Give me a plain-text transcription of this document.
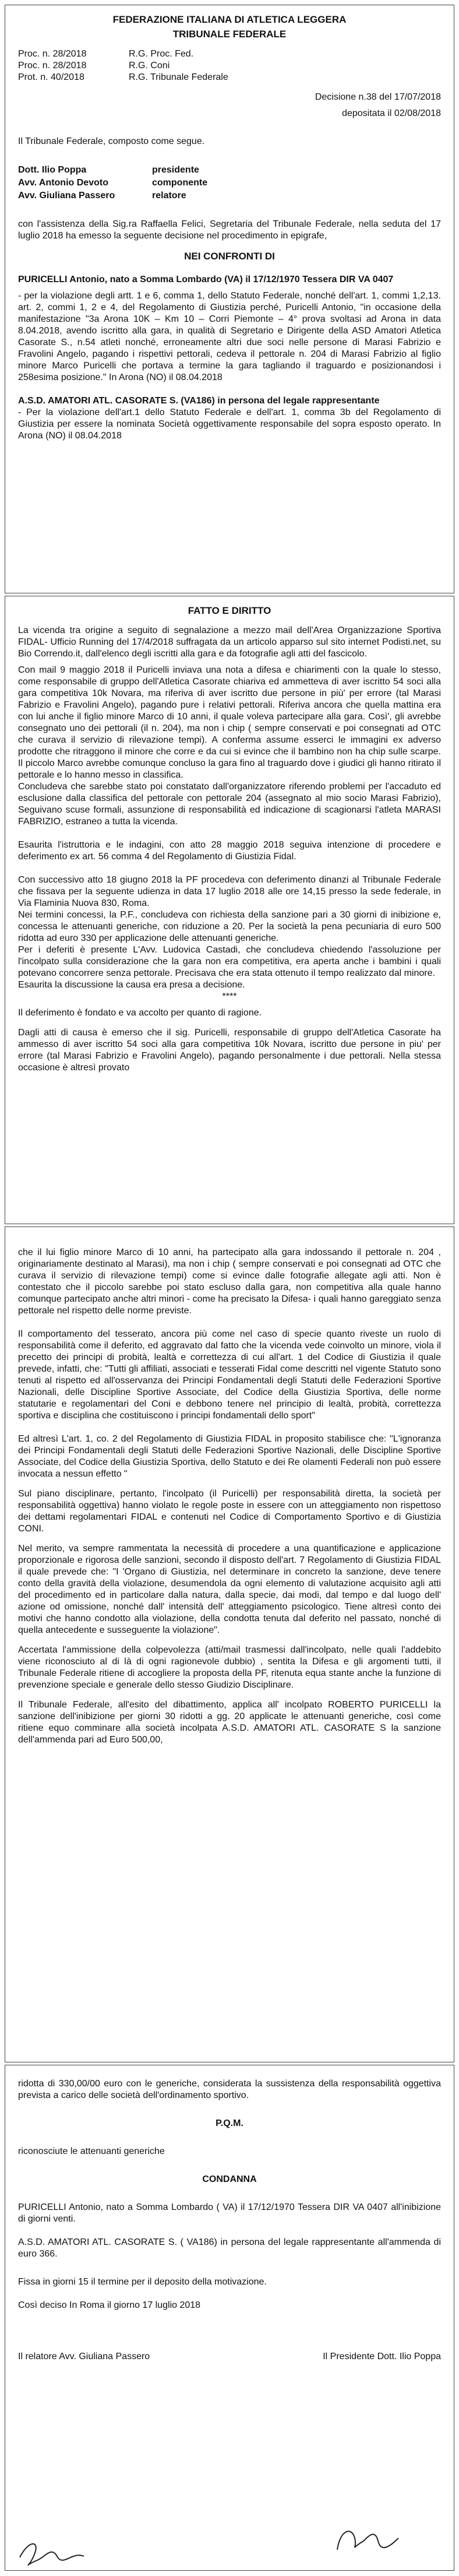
FEDERAZIONE ITALIANA DI ATLETICA LEGGERA

TRIBUNALE FEDERALE

Proc. n. 28/2018	R.G. Proc. Fed.

Proc. n. 28/2018	R.G. Coni

Prot. n. 40/2018	R.G. Tribunale Federale

Decisione n.38 del 17/07/2018

depositata il 02/08/2018

Il Tribunale Federale, composto come segue.

Dott. Ilio Poppa	presidente
Avv. Antonio Devoto	componente
Avv. Giuliana Passero	relatore

con l'assistenza della Sig.ra Raffaella Felici, Segretaria del Tribunale Federale, nella seduta del 17 luglio 2018 ha emesso la seguente decisione nel procedimento in epigrafe,

NEI CONFRONTI DI

PURICELLI Antonio, nato a Somma Lombardo (VA) il 17/12/1970 Tessera DIR VA 0407

- per la violazione degli artt. 1 e 6, comma 1, dello Statuto Federale, nonché dell'art. 1, commi 1,2,13. art. 2, commi 1, 2 e 4, del Regolamento di Giustizia perché, Puricelli Antonio, "in occasione della manifestazione "3a Arona 10K – Km 10 – Corri Piemonte – 4° prova svoltasi ad Arona in data 8.04.2018, avendo iscritto alla gara, in qualità di Segretario e Dirigente della ASD Amatori Atletica Casorate S., n.54 atleti nonché, erroneamente altri due soci nelle persone di Marasi Fabrizio e Fravolini Angelo, pagando i rispettivi pettorali, cedeva il pettorale n. 204 di Marasi Fabrizio al figlio minore Marco Puricelli che portava a termine la gara tagliando il traguardo e posizionandosi i 258esima posizione." In Arona (NO) il 08.04.2018

A.S.D. AMATORI ATL. CASORATE S. (VA186) in persona del legale rappresentante

- Per la violazione dell'art.1 dello Statuto Federale e dell'art. 1, comma 3b del Regolamento di Giustizia per essere la nominata Società oggettivamente responsabile del sopra esposto operato. In Arona (NO) il 08.04.2018

FATTO E DIRITTO

La vicenda tra origine a seguito di segnalazione a mezzo mail dell'Area Organizzazione Sportiva FIDAL- Ufficio Running del 17/4/2018 suffragata da un articolo apparso sul sito internet Podisti.net, su Bio Correndo.it, dall'elenco degli iscritti alla gara e da fotografie agli atti del fascicolo.

Con mail 9 maggio 2018 il Puricelli inviava una nota a difesa e chiarimenti con la quale lo stesso, come responsabile di gruppo dell'Atletica Casorate chiariva ed ammetteva di aver iscritto 54 soci alla gara competitiva 10k Novara, ma riferiva di aver iscritto due persone in più' per errore (tal Marasi Fabrizio e Fravolini Angelo), pagando pure i relativi pettorali. Riferiva ancora che quella mattina era con lui anche il figlio minore Marco di 10 anni, il quale voleva partecipare alla gara. Così', gli avrebbe consegnato uno dei pettorali (il n. 204), ma non i chip ( sempre conservati e poi consegnati ad OTC che curava il servizio di rilevazione tempi). A conferma assume esserci le immagini ex adverso prodotte che ritraggono il minore che corre e da cui si evince che il bambino non ha chip sulle scarpe. Il piccolo Marco avrebbe comunque concluso la gara fino al traguardo dove i giudici gli hanno ritirato il pettorale e lo hanno messo in classifica.

Concludeva che sarebbe stato poi constatato dall'organizzatore riferendo problemi per l'accaduto ed esclusione dalla classifica del pettorale con pettorale 204 (assegnato al mio socio Marasi Fabrizio), Seguivano scuse formali, assunzione di responsabilità ed indicazione di scagionarsi l'atleta MARASI FABRIZIO, estraneo a tutta la vicenda.

Esaurita l'istruttoria e le indagini, con atto 28 maggio 2018 seguiva intenzione di procedere e deferimento ex art. 56 comma 4 del Regolamento di Giustizia Fidal.

Con successivo atto 18 giugno 2018 la PF procedeva con deferimento dinanzi al Tribunale Federale che fissava per la seguente udienza in data 17 luglio 2018 alle ore 14,15 presso la sede federale, in Via Flaminia Nuova 830, Roma.

Nei termini concessi, la P.F., concludeva con richiesta della sanzione pari a 30 giorni di inibizione e, concessa le attenuanti generiche, con riduzione a 20. Per la società la pena pecuniaria di euro 500 ridotta ad euro 330 per applicazione delle attenuanti generiche.

Per i deferiti è presente L'Avv. Ludovica Castadi, che concludeva chiedendo l'assoluzione per l'incolpato sulla considerazione che la gara non era competitiva, era aperta anche i bambini i quali potevano concorrere senza pettorale. Precisava che era stata ottenuto il tempo realizzato dal minore.

Esaurita la discussione la causa era presa a decisione.

****

Il deferimento è fondato e va accolto per quanto di ragione.

Dagli atti di causa è emerso che il sig. Puricelli, responsabile di gruppo dell'Atletica Casorate ha ammesso di aver iscritto 54 soci alla gara competitiva 10k Novara, iscritto due persone in piu' per errore (tal Marasi Fabrizio e Fravolini Angelo), pagando personalmente i due pettorali. Nella stessa occasione è altresì provato

che il lui figlio minore Marco di 10 anni, ha partecipato alla gara indossando il pettorale n. 204 , originariamente destinato al Marasi), ma non i chip ( sempre conservati e poi consegnati ad OTC che curava il servizio di rilevazione tempi) come si evince dalle fotografie allegate agli atti. Non è contestato che il piccolo sarebbe poi stato escluso dalla gara, non competitiva alla quale hanno comunque partecipato anche altri minori - come ha precisato la Difesa- i quali hanno gareggiato senza pettorale nel rispetto delle norme previste.

Il comportamento del tesserato, ancora più come nel caso di specie quanto riveste un ruolo di responsabilità come il deferito, ed aggravato dal fatto che la vicenda vede coinvolto un minore, viola il precetto dei principi di probità, lealtà e correttezza di cui all'art. 1 del Codice di Giustizia il quale prevede, infatti, che: "Tutti gli affiliati, associati e tesserati Fidal come descritti nel vigente Statuto sono tenuti al rispetto ed all'osservanza dei Principi Fondamentali degli Statuti delle Federazioni Sportive Nazionali, delle Discipline Sportive Associate, del Codice della Giustizia Sportiva, delle norme statutarie e regolamentari del Coni e debbono tenere nel principio di lealtà, probità, correttezza sportiva e disciplina che costituiscono i principi fondamentali dello sport"

Ed altresì L'art. 1, co. 2 del Regolamento di Giustizia FIDAL in proposito stabilisce che: "L'ignoranza dei Principi Fondamentali degli Statuti delle Federazioni Sportive Nazionali, delle Discipline Sportive Associate, del Codice della Giustizia Sportiva, dello Statuto e dei Re olamenti Federali non può essere invocata a nessun effetto "

Sul piano disciplinare, pertanto, l'incolpato (il Puricelli) per responsabilità diretta, la società per responsabilità oggettiva) hanno violato le regole poste in essere con un atteggiamento non rispettoso dei dettami regolamentari FIDAL e contenuti nel Codice di Comportamento Sportivo e di Giustizia CONI.

Nel merito, va sempre rammentata la necessità di procedere a una quantificazione e applicazione proporzionale e rigorosa delle sanzioni, secondo il disposto dell'art. 7 Regolamento di Giustizia FIDAL il quale prevede che: "I 'Organo di Giustizia, nel determinare in concreto la sanzione, deve tenere conto della gravità della violazione, desumendola da ogni elemento di valutazione acquisito agli atti del procedimento ed in particolare dalla natura, dalla specie, dai modi, dal tempo e dal luogo dell' azione od omissione, nonché dall' intensità dell' atteggiamento psicologico. Tiene altresì conto dei motivi che hanno condotto alla violazione, della condotta tenuta dal deferito nel passato, nonché di quella antecedente e susseguente la violazione".

Accertata l'ammissione della colpevolezza (atti/mail trasmessi dall'incolpato, nelle quali l'addebito viene riconosciuto al di là di ogni ragionevole dubbio) , sentita la Difesa e gli argomenti tutti, il Tribunale Federale ritiene di accogliere la proposta della PF, ritenuta equa stante anche la funzione di prevenzione speciale e generale dello stesso Giudizio Disciplinare.

Il Tribunale Federale, all'esito del dibattimento, applica all' incolpato ROBERTO PURICELLI la sanzione dell'inibizione per giorni 30 ridotti a gg. 20 applicate le attenuanti generiche, così come ritiene equo comminare alla società incolpata A.S.D. AMATORI ATL. CASORATE S la sanzione dell'ammenda pari ad Euro 500,00,

ridotta di 330,00/00 euro con le generiche, considerata la sussistenza della responsabilità oggettiva prevista a carico delle società dell'ordinamento sportivo.

P.Q.M.

riconosciute le attenuanti generiche

CONDANNA

PURICELLI Antonio, nato a Somma Lombardo ( VA) il 17/12/1970 Tessera DIR VA 0407 all'inibizione di giorni venti.

A.S.D. AMATORI ATL. CASORATE S. ( VA186) in persona del legale rappresentante all'ammenda di euro 366.

Fissa in giorni 15 il termine per il deposito della motivazione.

Così deciso In Roma il giorno 17 luglio 2018

Il relatore Avv. Giuliana Passero	Il Presidente Dott. Ilio Poppa
